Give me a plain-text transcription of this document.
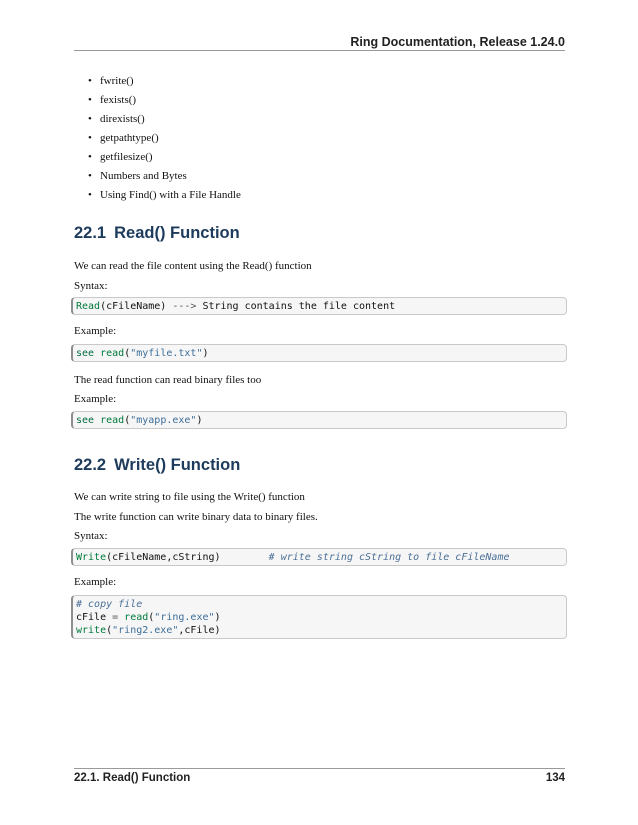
Ring Documentation, Release 1.24.0
• fwrite()
• fexists()
• direxists()
• getpathtype()
• getfilesize()
• Numbers and Bytes
• Using Find() with a File Handle
22.1 Read() Function
We can read the file content using the Read() function
Syntax:
Read(cFileName) ---> String contains the file content
Example:
see read("myfile.txt")
The read function can read binary files too
Example:
see read("myapp.exe")
22.2 Write() Function
We can write string to file using the Write() function
The write function can write binary data to binary files.
Syntax:
Write(cFileName,cString)	# write string cString to file cFileName
Example:
# copy file
cFile = read("ring.exe")
write("ring2.exe",cFile)
22.1. Read() Function	134
